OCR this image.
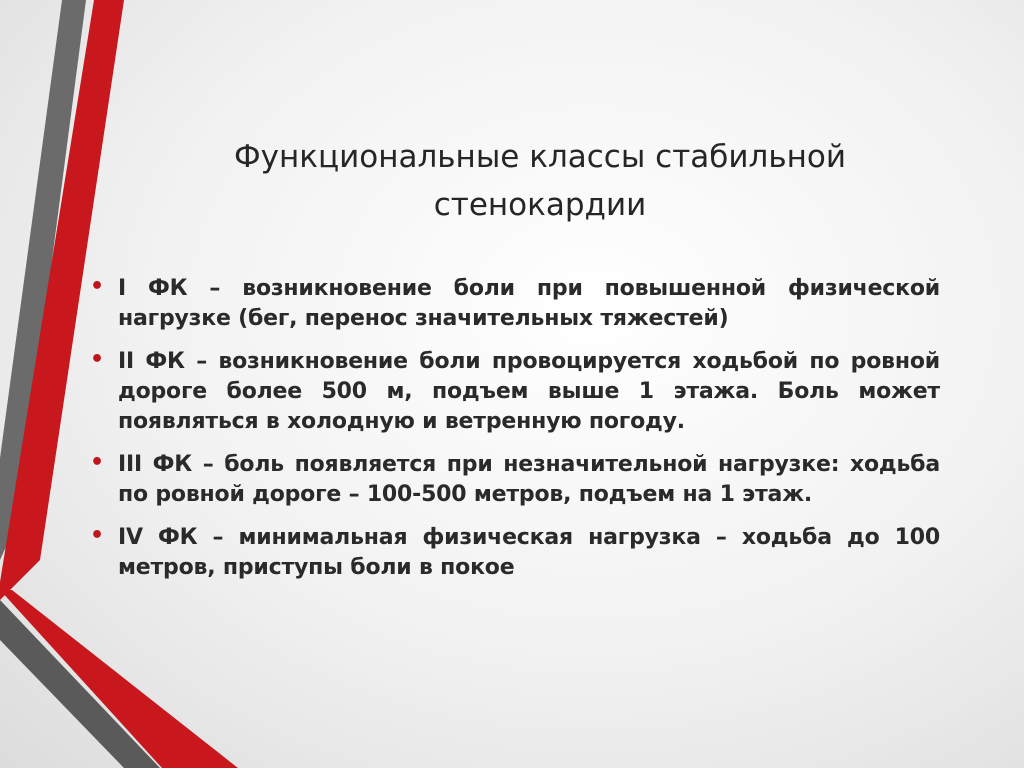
Функциональные классы стабильной
стенокардии
• I ФК – возникновение боли при повышенной физической нагрузке (бег, перенос значительных тяжестей)
• II ФК – возникновение боли провоцируется ходьбой по ровной дороге более 500 м, подъем выше 1 этажа. Боль может появляться в холодную и ветренную погоду.
• III ФК – боль появляется при незначительной нагрузке: ходьба по ровной дороге – 100-500 метров, подъем на 1 этаж.
• IV ФК – минимальная физическая нагрузка – ходьба до 100 метров, приступы боли в покое
